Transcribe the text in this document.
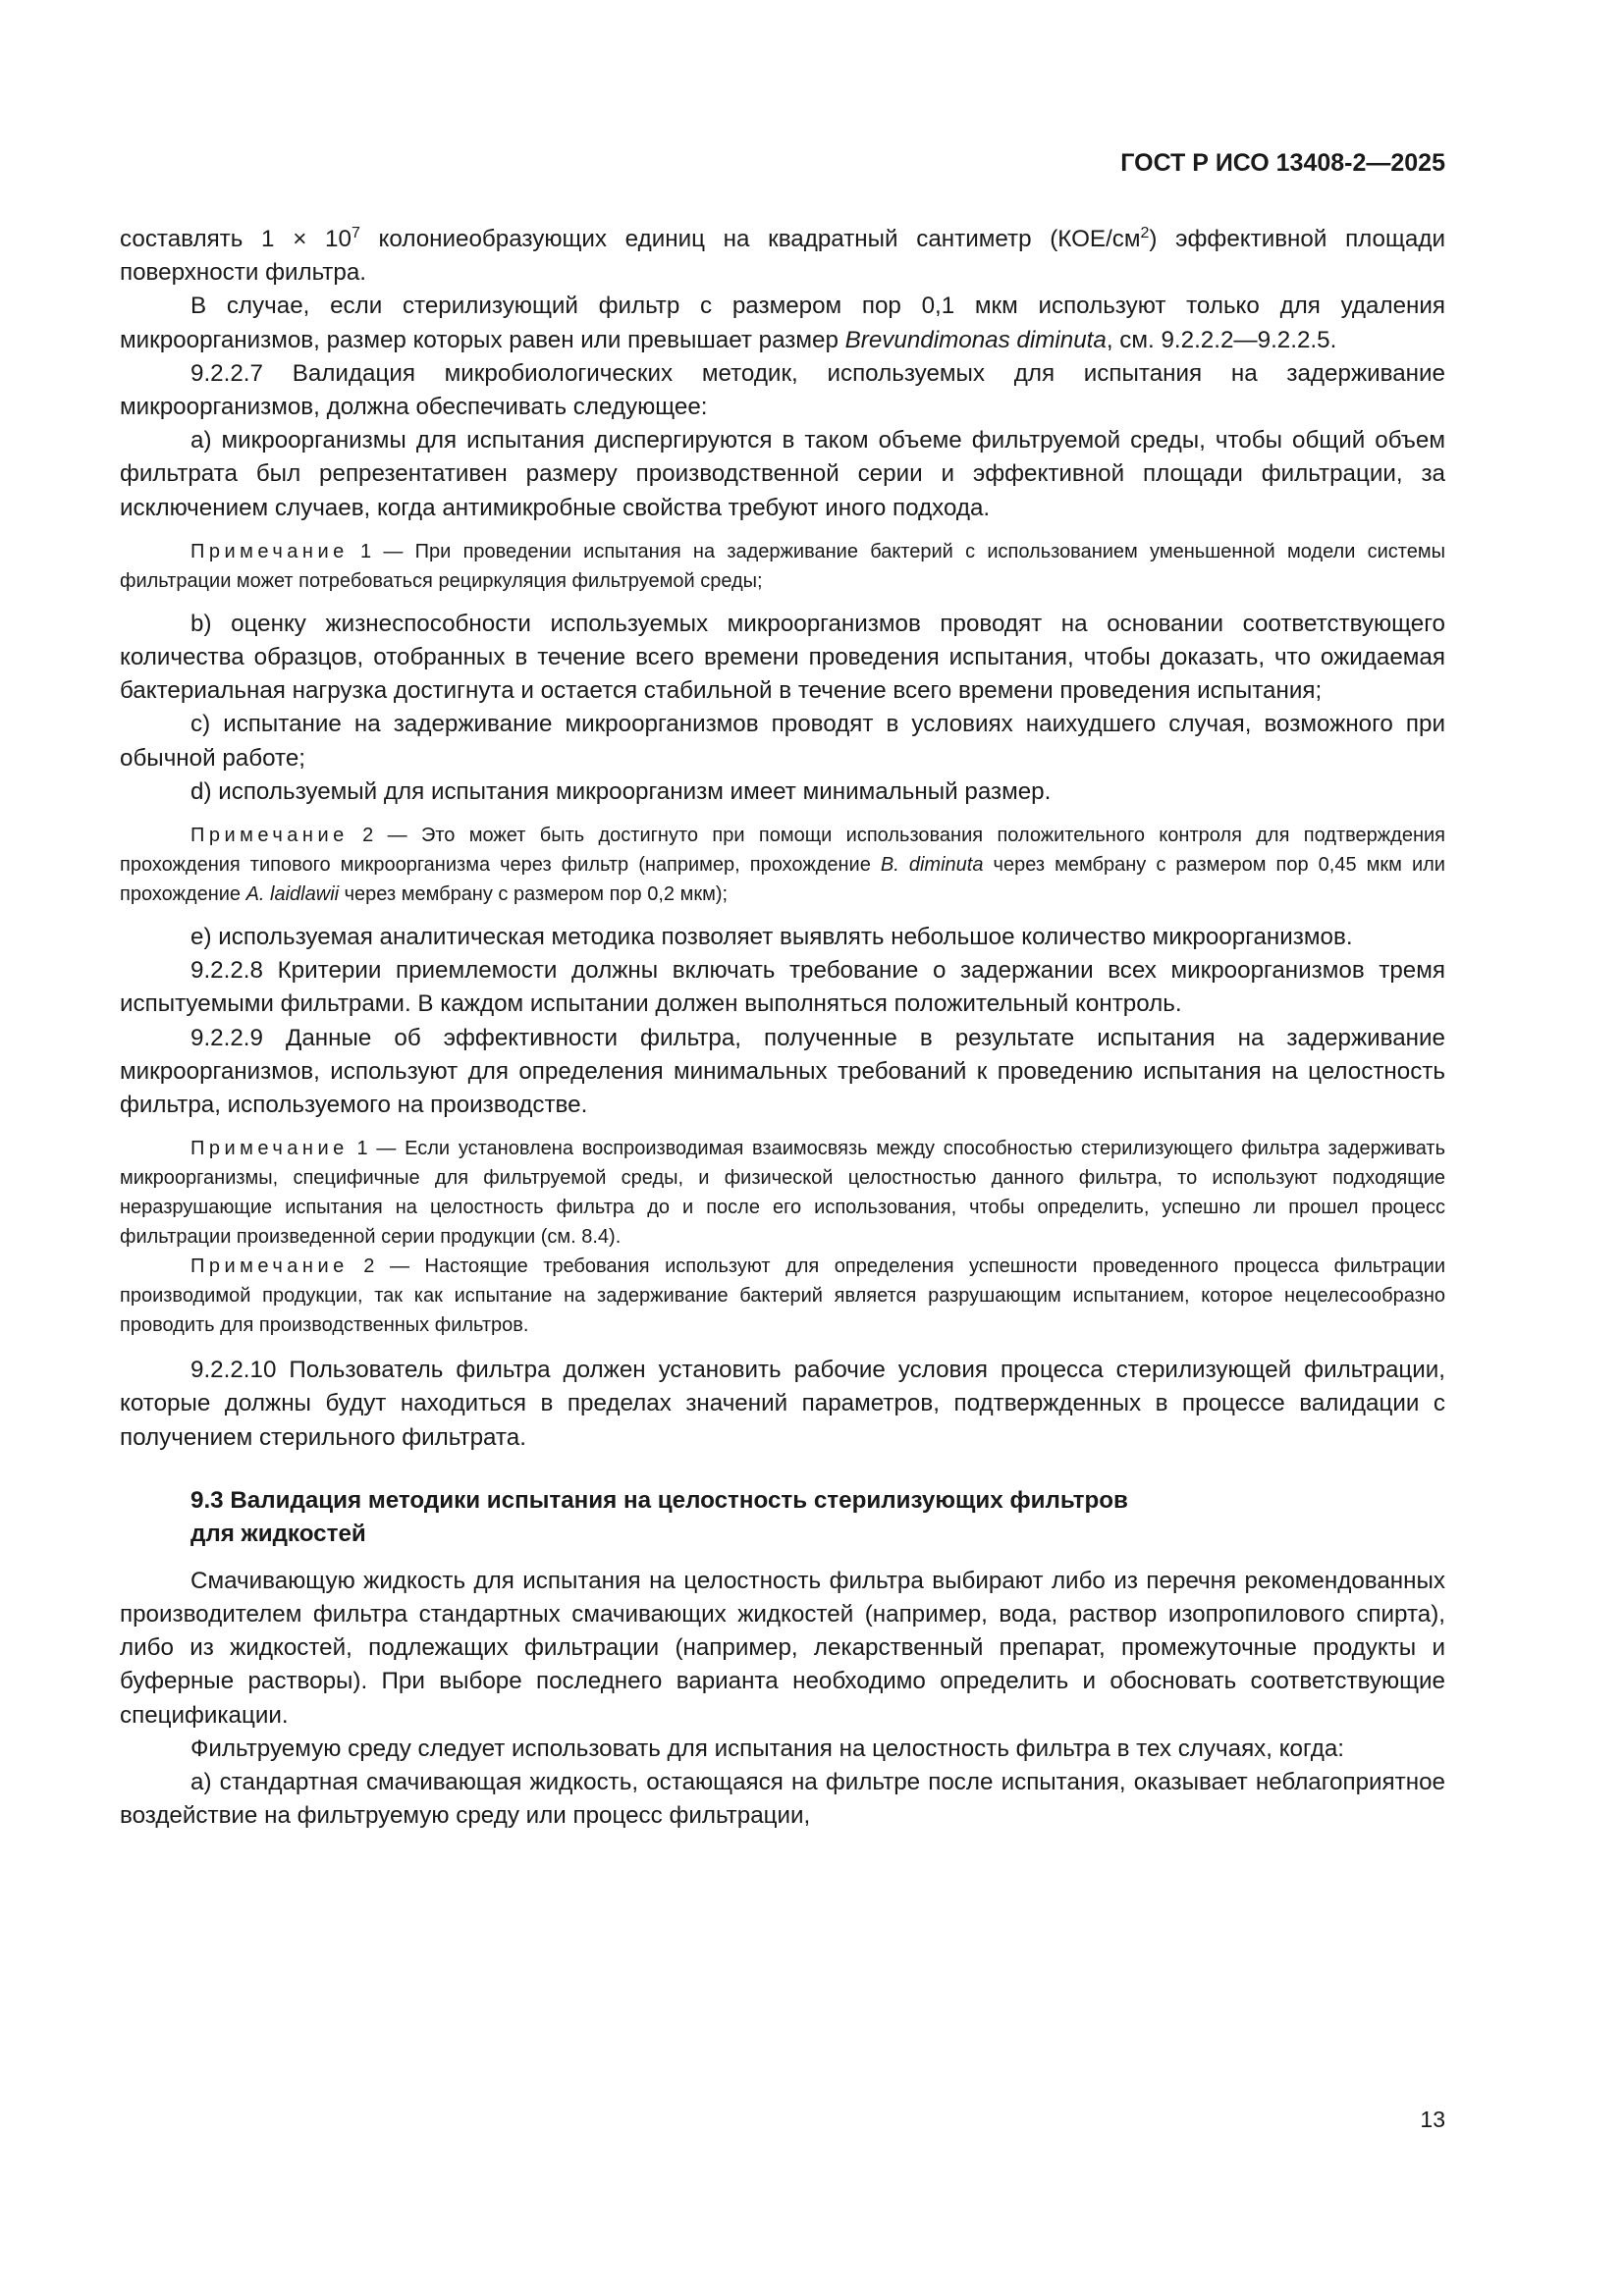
ГОСТ Р ИСО 13408-2—2025

составлять $1 \times 10^7$ колониеобразующих единиц на квадратный сантиметр $(КОЕ/см^2)$ эффективной площади поверхности фильтра.

В случае, если стерилизующий фильтр с размером пор 0,1 мкм используют только для удаления микроорганизмов, размер которых равен или превышает размер Brevundimonas diminuta, см. 9.2.2.2—9.2.2.5.

9.2.2.7 Валидация микробиологических методик, используемых для испытания на задерживание микроорганизмов, должна обеспечивать следующее:

а) микроорганизмы для испытания диспергируются в таком объеме фильтруемой среды, чтобы общий объем фильтрата был репрезентативен размеру производственной серии и эффективной площади фильтрации, за исключением случаев, когда антимикробные свойства требуют иного подхода.

Примечание 1 — При проведении испытания на задерживание бактерий с использованием уменьшенной модели системы фильтрации может потребоваться рециркуляция фильтруемой среды;

b) оценку жизнеспособности используемых микроорганизмов проводят на основании соответствующего количества образцов, отобранных в течение всего времени проведения испытания, чтобы доказать, что ожидаемая бактериальная нагрузка достигнута и остается стабильной в течение всего времени проведения испытания;

c) испытание на задерживание микроорганизмов проводят в условиях наихудшего случая, возможного при обычной работе;

d) используемый для испытания микроорганизм имеет минимальный размер.

Примечание 2 — Это может быть достигнуто при помощи использования положительного контроля для подтверждения прохождения типового микроорганизма через фильтр (например, прохождение B. diminuta через мембрану с размером пор 0,45 мкм или прохождение A. laidlawii через мембрану с размером пор 0,2 мкм);

e) используемая аналитическая методика позволяет выявлять небольшое количество микроорганизмов.

9.2.2.8 Критерии приемлемости должны включать требование о задержании всех микроорганизмов тремя испытуемыми фильтрами. В каждом испытании должен выполняться положительный контроль.

9.2.2.9 Данные об эффективности фильтра, полученные в результате испытания на задерживание микроорганизмов, используют для определения минимальных требований к проведению испытания на целостность фильтра, используемого на производстве.

Примечание 1 — Если установлена воспроизводимая взаимосвязь между способностью стерилизующего фильтра задерживать микроорганизмы, специфичные для фильтруемой среды, и физической целостностью данного фильтра, то используют подходящие неразрушающие испытания на целостность фильтра до и после его использования, чтобы определить, успешно ли прошел процесс фильтрации произведенной серии продукции (см. 8.4).

Примечание 2 — Настоящие требования используют для определения успешности проведенного процесса фильтрации производимой продукции, так как испытание на задерживание бактерий является разрушающим испытанием, которое нецелесообразно проводить для производственных фильтров.

9.2.2.10 Пользователь фильтра должен установить рабочие условия процесса стерилизующей фильтрации, которые должны будут находиться в пределах значений параметров, подтвержденных в процессе валидации с получением стерильного фильтрата.

9.3 Валидация методики испытания на целостность стерилизующих фильтров
для жидкостей

Смачивающую жидкость для испытания на целостность фильтра выбирают либо из перечня рекомендованных производителем фильтра стандартных смачивающих жидкостей (например, вода, раствор изопропилового спирта), либо из жидкостей, подлежащих фильтрации (например, лекарственный препарат, промежуточные продукты и буферные растворы). При выборе последнего варианта необходимо определить и обосновать соответствующие спецификации.

Фильтруемую среду следует использовать для испытания на целостность фильтра в тех случаях, когда:

а) стандартная смачивающая жидкость, остающаяся на фильтре после испытания, оказывает неблагоприятное воздействие на фильтруемую среду или процесс фильтрации,

13
